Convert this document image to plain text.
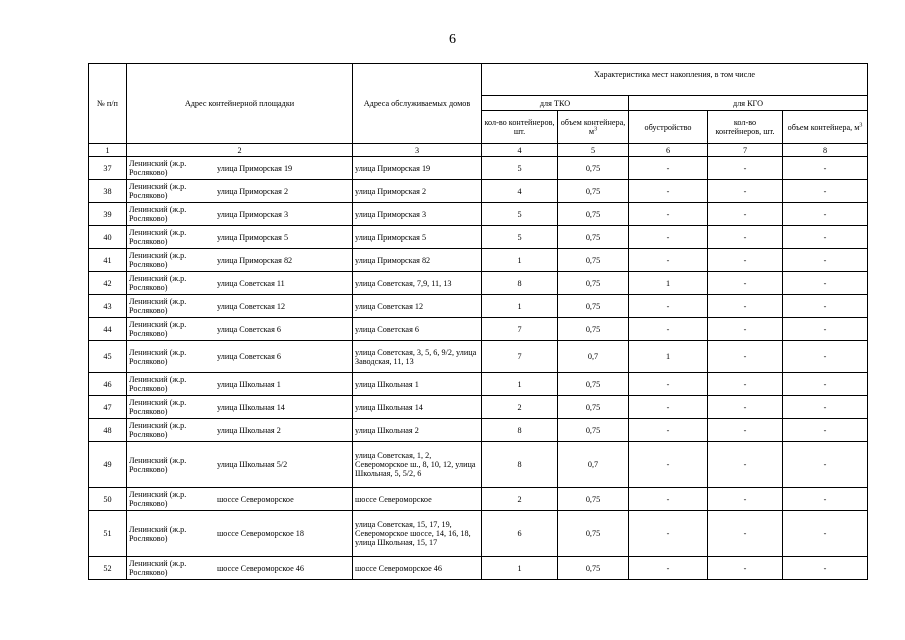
6
№ п/п	Адрес контейнерной площадки	Адреса обслуживаемых домов	Характеристика мест накопления, в том числе				
			для ТКО		для КГО		
			кол-во контейнеров, шт.	объем контейнера, $м^3$	обустройство	кол-во контейнеров, шт.	объем контейнера, $м^3$
1	2	3	4	5	6	7	8
37	Ленинский (ж.р. Росляково) улица Приморская 19	улица Приморская 19	5	0,75	-	-	-
38	Ленинский (ж.р. Росляково) улица Приморская 2	улица Приморская 2	4	0,75	-	-	-
39	Ленинский (ж.р. Росляково) улица Приморская 3	улица Приморская 3	5	0,75	-	-	-
40	Ленинский (ж.р. Росляково) улица Приморская 5	улица Приморская 5	5	0,75	-	-	-
41	Ленинский (ж.р. Росляково) улица Приморская 82	улица Приморская 82	1	0,75	-	-	-
42	Ленинский (ж.р. Росляково) улица Советская 11	улица Советская, 7,9, 11, 13	8	0,75	1	-	-
43	Ленинский (ж.р. Росляково) улица Советская 12	улица Советская 12	1	0,75	-	-	-
44	Ленинский (ж.р. Росляково) улица Советская 6	улица Советская 6	7	0,75	-	-	-
45	Ленинский (ж.р. Росляково) улица Советская 6	улица Советская, 3, 5, 6, 9/2, улица Заводская, 11, 13	7	0,7	1	-	-
46	Ленинский (ж.р. Росляково) улица Школьная 1	улица Школьная 1	1	0,75	-	-	-
47	Ленинский (ж.р. Росляково) улица Школьная 14	улица Школьная 14	2	0,75	-	-	-
48	Ленинский (ж.р. Росляково) улица Школьная 2	улица Школьная 2	8	0,75	-	-	-
49	Ленинский (ж.р. Росляково) улица Школьная 5/2	улица Советская, 1, 2, Североморское ш., 8, 10, 12, улица Школьная, 5, 5/2, 6	8	0,7	-	-	-
50	Ленинский (ж.р. Росляково) шоссе Североморское	шоссе Североморское	2	0,75	-	-	-
51	Ленинский (ж.р. Росляково) шоссе Североморское 18	улица Советская, 15, 17, 19, Североморское шоссе, 14, 16, 18, улица Школьная, 15, 17	6	0,75	-	-	-
52	Ленинский (ж.р. Росляково) шоссе Североморское 46	шоссе Североморское 46	1	0,75	-	-	-
